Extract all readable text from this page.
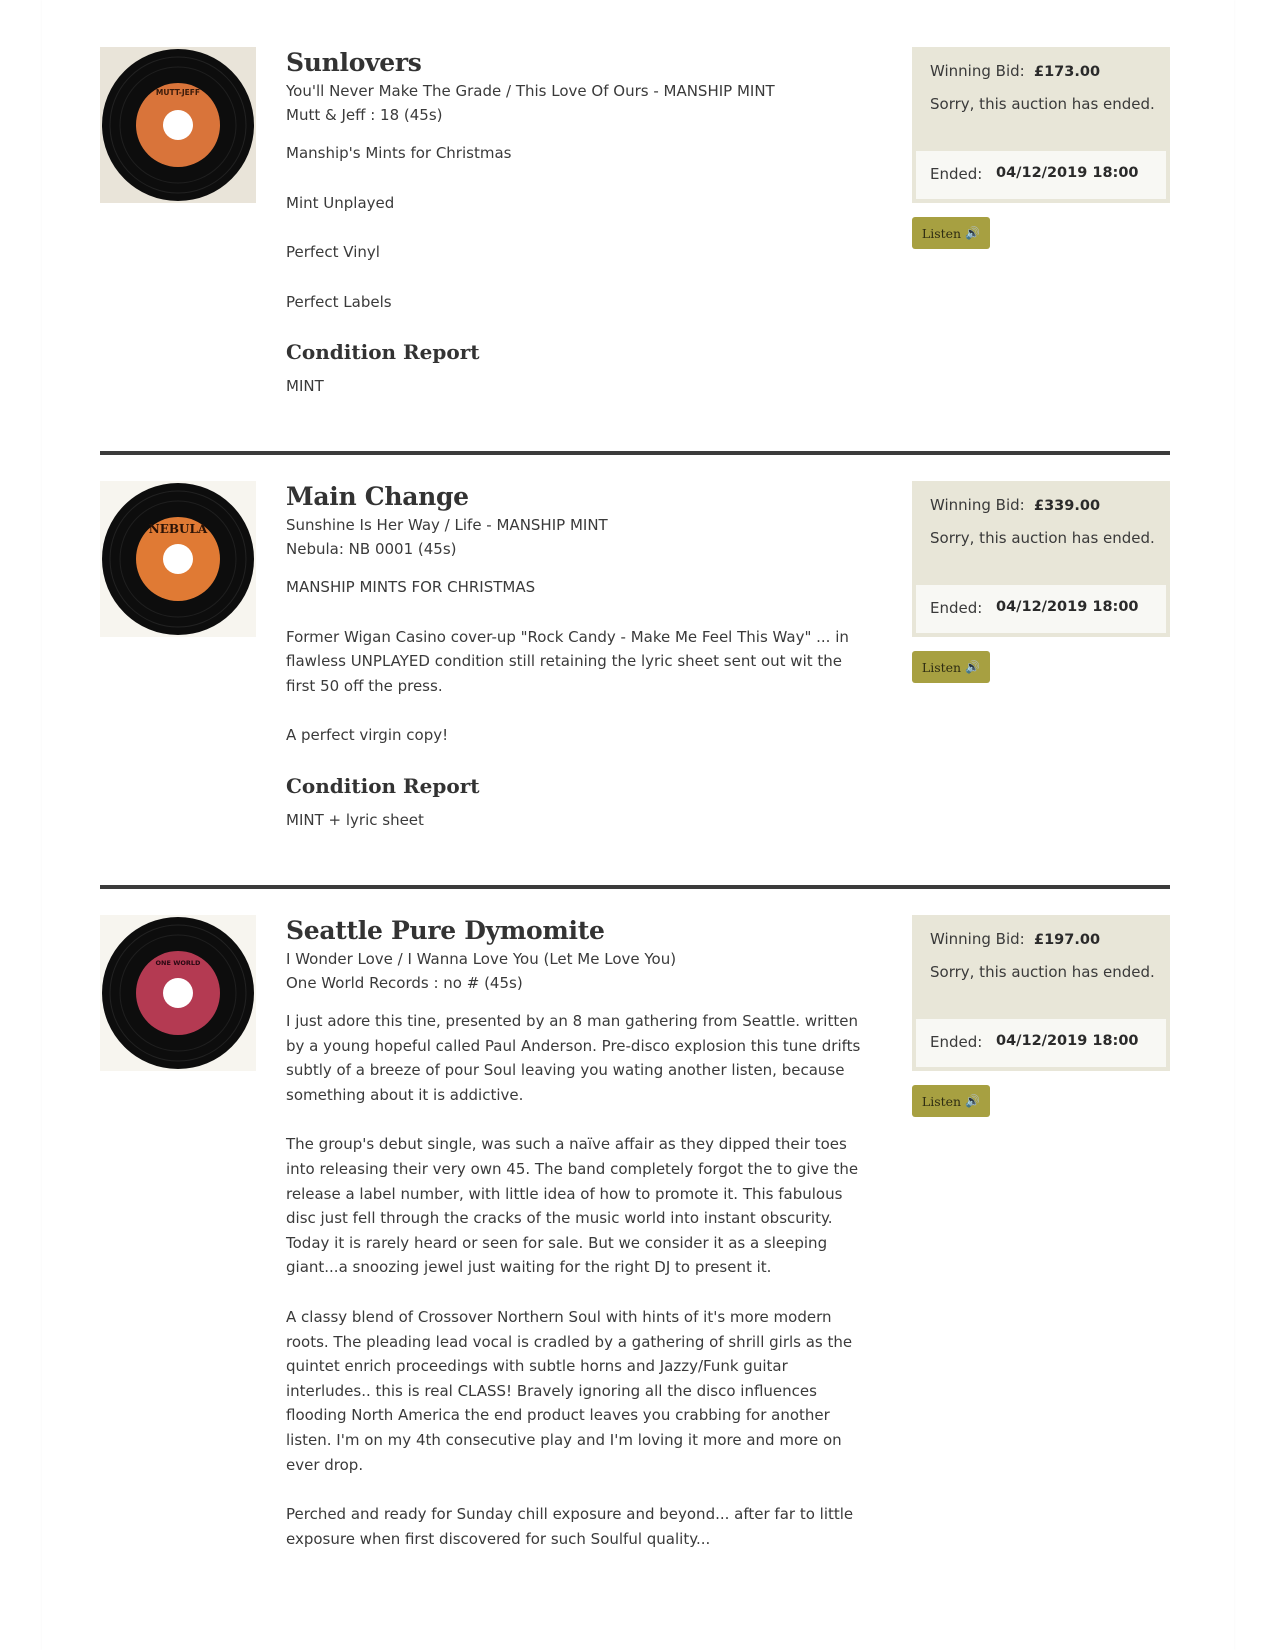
MUTT-JEFF
Sunlovers

You'll Never Make The Grade / This Love Of Ours - MANSHIP MINT

Mutt & Jeff : 18 (45s)

Manship's Mints for Christmas

Mint Unplayed

Perfect Vinyl

Perfect Labels

Condition Report

MINT

Winning Bid: £173.00
Sorry, this auction has ended.
Ended: 04/12/2019 18:00
Listen 🔊
NEBULA
Main Change

Sunshine Is Her Way / Life - MANSHIP MINT

Nebula: NB 0001 (45s)

MANSHIP MINTS FOR CHRISTMAS

Former Wigan Casino cover-up "Rock Candy - Make Me Feel This Way" ... in flawless UNPLAYED condition still retaining the lyric sheet sent out wit the first 50 off the press.

A perfect virgin copy!

Condition Report

MINT + lyric sheet

Winning Bid: £339.00
Sorry, this auction has ended.
Ended: 04/12/2019 18:00
Listen 🔊
ONE WORLD
Seattle Pure Dymomite

I Wonder Love / I Wanna Love You (Let Me Love You)

One World Records : no # (45s)

I just adore this tine, presented by an 8 man gathering from Seattle. written by a young hopeful called Paul Anderson. Pre-disco explosion this tune drifts subtly of a breeze of pour Soul leaving you wating another listen, because something about it is addictive.

The group's debut single, was such a naïve affair as they dipped their toes into releasing their very own 45. The band completely forgot the to give the release a label number, with little idea of how to promote it. This fabulous disc just fell through the cracks of the music world into instant obscurity. Today it is rarely heard or seen for sale. But we consider it as a sleeping giant...a snoozing jewel just waiting for the right DJ to present it.

A classy blend of Crossover Northern Soul with hints of it's more modern roots. The pleading lead vocal is cradled by a gathering of shrill girls as the quintet enrich proceedings with subtle horns and Jazzy/Funk guitar interludes.. this is real CLASS! Bravely ignoring all the disco influences flooding North America the end product leaves you crabbing for another listen. I'm on my 4th consecutive play and I'm loving it more and more on ever drop.

Perched and ready for Sunday chill exposure and beyond... after far to little exposure when first discovered for such Soulful quality...

Winning Bid: £197.00
Sorry, this auction has ended.
Ended: 04/12/2019 18:00
Listen 🔊
